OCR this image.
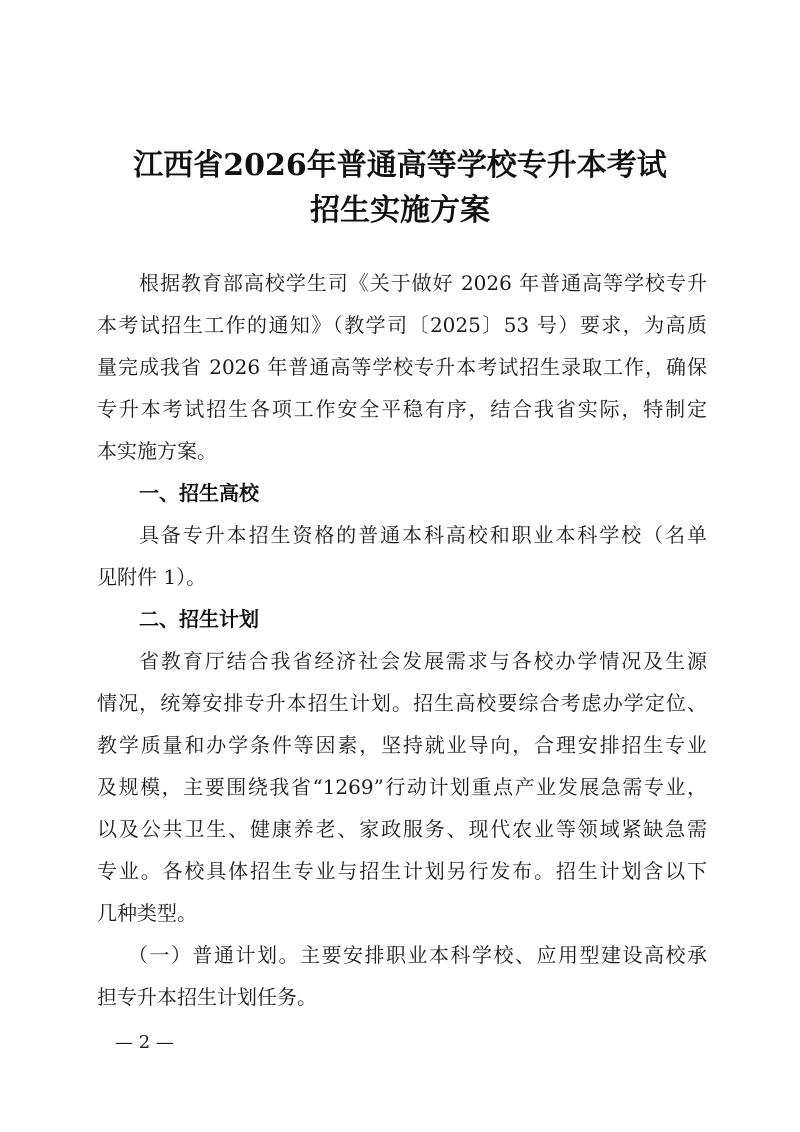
江西省2026年普通高等学校专升本考试
招生实施方案
根据教育部高校学生司《关于做好 2026 年普通高等学校专升
本考试招生工作的通知》（教学司〔2025〕53 号）要求，为高质
量完成我省 2026 年普通高等学校专升本考试招生录取工作，确保
专升本考试招生各项工作安全平稳有序，结合我省实际，特制定
本实施方案。
一、招生高校
具备专升本招生资格的普通本科高校和职业本科学校（名单
见附件 1）。
二、招生计划
省教育厅结合我省经济社会发展需求与各校办学情况及生源
情况，统筹安排专升本招生计划。招生高校要综合考虑办学定位、
教学质量和办学条件等因素，坚持就业导向，合理安排招生专业
及规模，主要围绕我省“1269”行动计划重点产业发展急需专业，
以及公共卫生、健康养老、家政服务、现代农业等领域紧缺急需
专业。各校具体招生专业与招生计划另行发布。招生计划含以下
几种类型。
（一）普通计划。主要安排职业本科学校、应用型建设高校承
担专升本招生计划任务。
— 2 —
